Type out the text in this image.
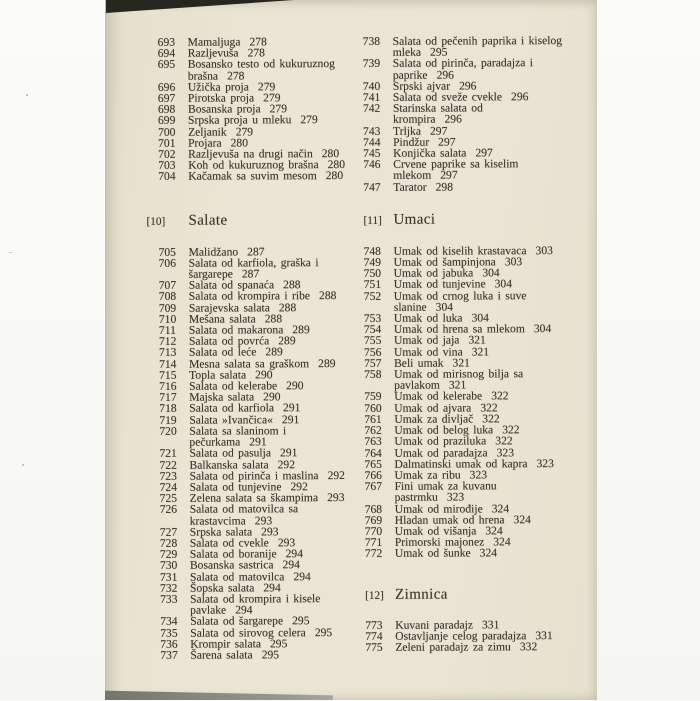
693	Mamaljuga 278
694	Razljevuša 278
695	Bosansko testo od kukuruznog
brašna 278
696	Užička proja 279
697	Pirotska proja 279
698	Bosanska proja 279
699	Srpska proja u mleku 279
700	Zeljanik 279
701	Projara 280
702	Razljevuša na drugi način 280
703	Koh od kukuruznog brašna 280
704	Kačamak sa suvim mesom 280
[10]	Salate
705	Malidžano 287
706	Salata od karfiola, graška i
šargarepe 287
707	Salata od spanaća 288
708	Salata od krompira i ribe 288
709	Sarajevska salata 288
710	Mešana salata 288
711	Salata od makarona 289
712	Salata od povrća 289
713	Salata od leće 289
714	Mesna salata sa graškom 289
715	Topla salata 290
716	Salata od kelerabe 290
717	Majska salata 290
718	Salata od karfiola 291
719	Salata »Ivančica« 291
720	Salata sa slaninom i
pečurkama 291
721	Salata od pasulja 291
722	Balkanska salata 292
723	Salata od pirinča i maslina 292
724	Salata od tunjevine 292
725	Zelena salata sa škampima 293
726	Salata od matovilca sa
krastavcima 293
727	Srpska salata 293
728	Salata od cvekle 293
729	Salata od boranije 294
730	Bosanska sastrica 294
731	Salata od matovilca 294
732	Šopska salata 294
733	Salata od krompira i kisele
pavlake 294
734	Salata od šargarepe 295
735	Salata od sirovog celera 295
736	Krompir salata 295
737	Šarena salata 295
738	Salata od pečenih paprika i kiselog
mleka 295
739	Salata od pirinča, paradajza i
paprike 296
740	Srpski ajvar 296
741	Salata od sveže cvekle 296
742	Starinska salata od
krompira 296
743	Trljka 297
744	Pindžur 297
745	Konjička salata 297
746	Crvene paprike sa kiselim
mlekom 297
747	Tarator 298
[11] Umaci
748	Umak od kiselih krastavaca 303
749	Umak od šampinjona 303
750	Umak od jabuka 304
751	Umak od tunjevine 304
752	Umak od crnog luka i suve
slanine 304
753	Umak od luka 304
754	Umak od hrena sa mlekom 304
755	Umak od jaja 321
756	Umak od vina 321
757	Beli umak 321
758	Umak od mirisnog bilja sa
pavlakom 321
759	Umak od kelerabe 322
760	Umak od ajvara 322
761	Umak za divljač 322
762	Umak od belog luka 322
763	Umak od praziluka 322
764	Umak od paradajza 323
765	Dalmatinski umak od kapra 323
766	Umak za ribu 323
767	Fini umak za kuvanu
pastrmku 323
768	Umak od mirođije 324
769	Hladan umak od hrena 324
770	Umak od višanja 324
771	Primorski majonez 324
772	Umak od šunke 324
[12] Zimnica
773	Kuvani paradajz 331
774	Ostavljanje celog paradajza 331
775	Zeleni paradajz za zimu 332
